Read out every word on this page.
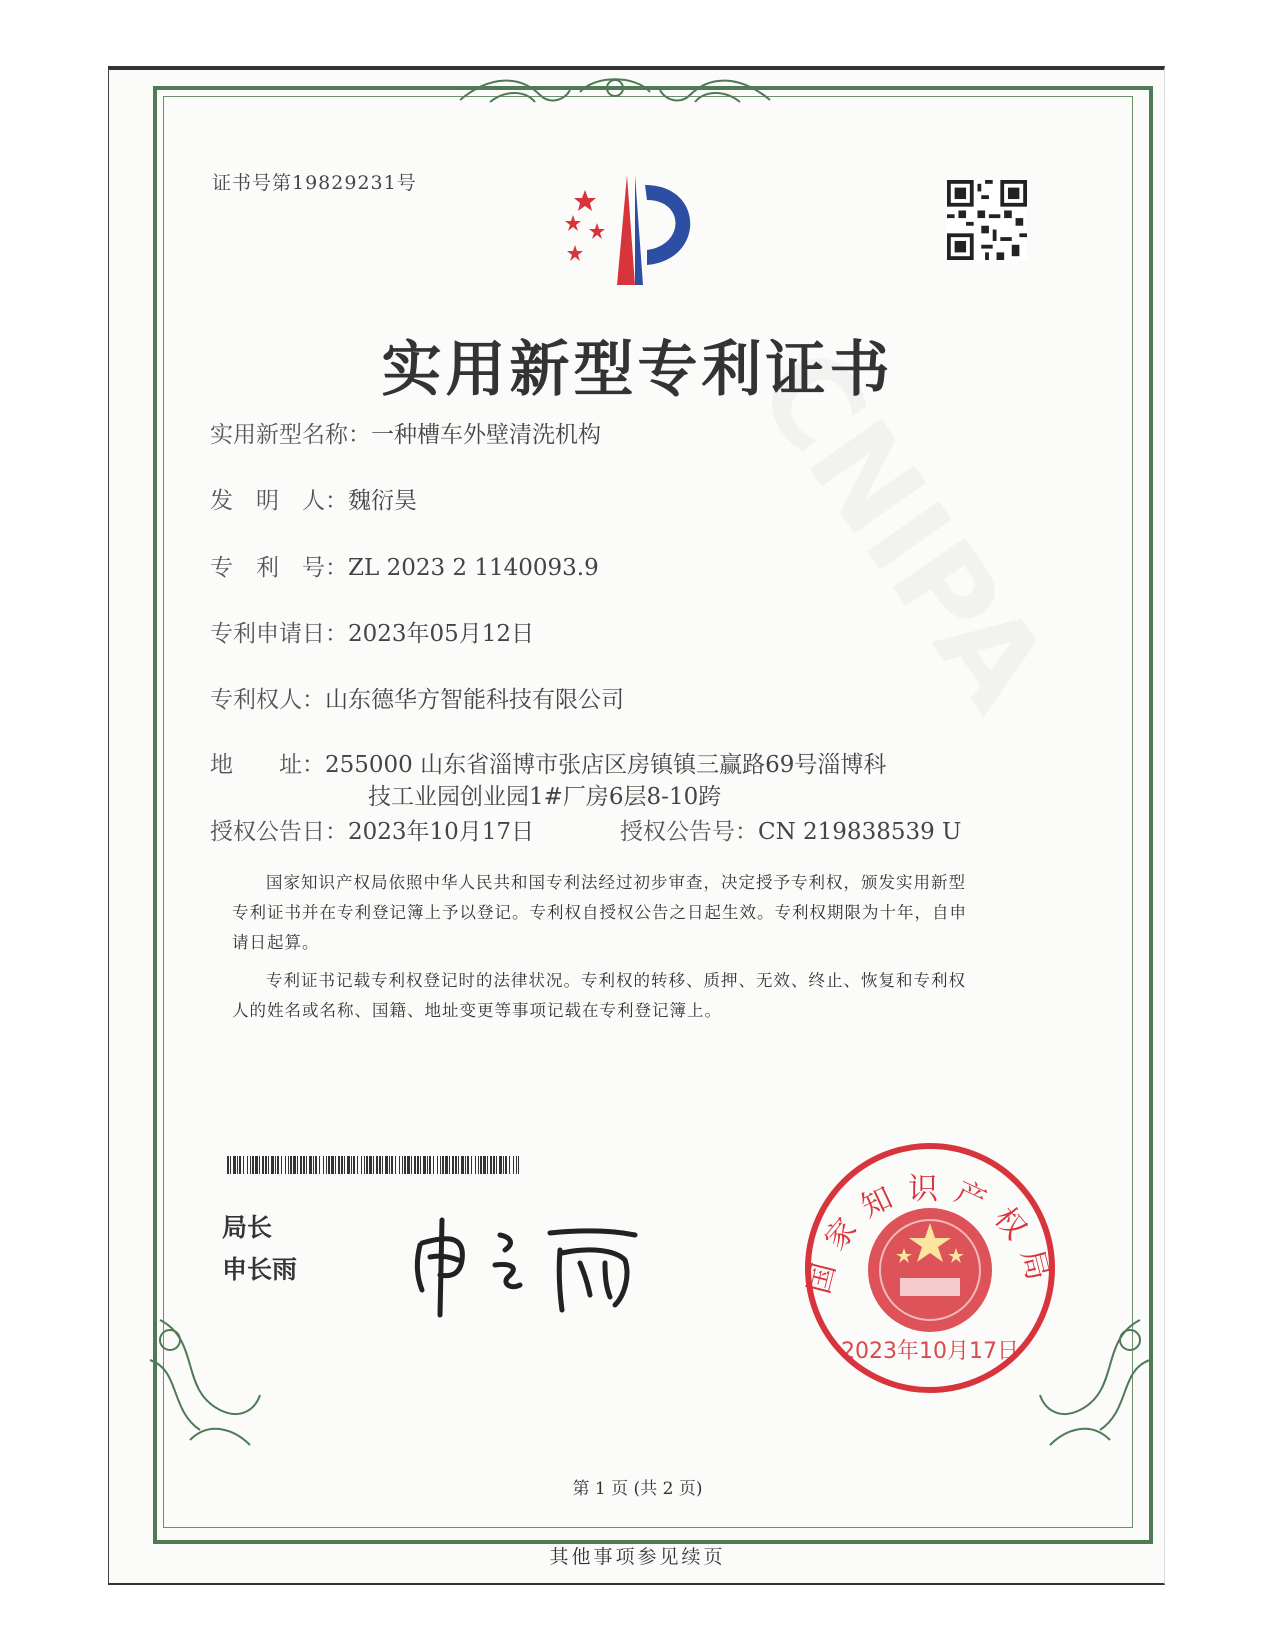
证书号第19829231号
实用新型专利证书
实用新型名称：一种槽车外壁清洗机构
发　明　人：魏衍昊
专　利　号：ZL 2023 2 1140093.9
专利申请日：2023年05月12日
专利权人：山东德华方智能科技有限公司
地　　址：255000 山东省淄博市张店区房镇镇三赢路69号淄博科
技工业园创业园1#厂房6层8-10跨
授权公告日：2023年10月17日	授权公告号：CN 219838539 U
国家知识产权局依照中华人民共和国专利法经过初步审查，决定授予专利权，颁发实用新型
专利证书并在专利登记簿上予以登记。专利权自授权公告之日起生效。专利权期限为十年，自申
请日起算。
专利证书记载专利权登记时的法律状况。专利权的转移、质押、无效、终止、恢复和专利权
人的姓名或名称、国籍、地址变更等事项记载在专利登记簿上。
局长
申长雨
2023年10月17日
国家知识产权局
第 1 页 (共 2 页)
其他事项参见续页
